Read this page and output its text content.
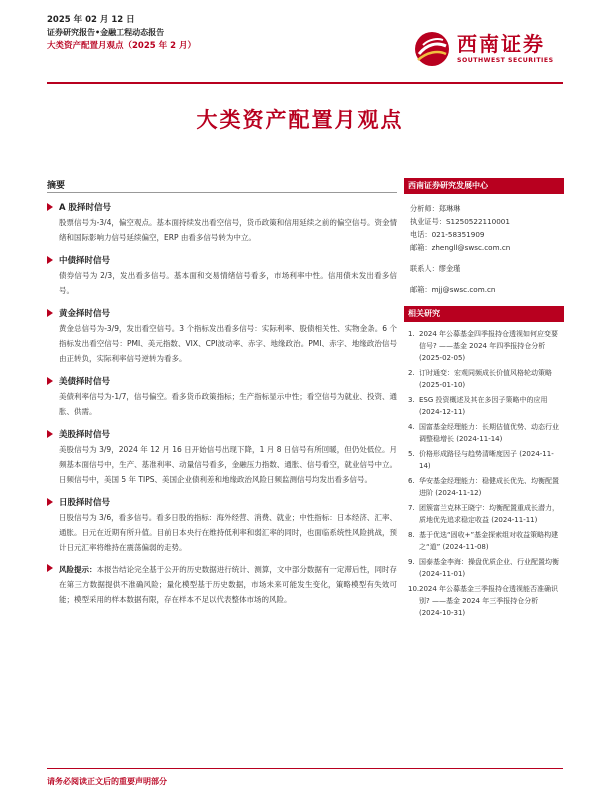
2025 年 02 月 12 日
证券研究报告•金融工程动态报告
大类资产配置月观点（2025 年 2 月）	西南证券
SOUTHWEST SECURITIES
大类资产配置月观点
摘要
A 股择时信号
股票信号为-3/4，偏空观点。基本面持续发出看空信号，货币政策和信用延续之前的偏空信号。资金情绪和国际影响力信号延续偏空，ERP 由看多信号转为中立。
中债择时信号
债券信号为 2/3，发出看多信号。基本面和交易情绪信号看多，市场利率中性。信用债未发出看多信号。
黄金择时信号
黄金总信号为-3/9，发出看空信号。3 个指标发出看多信号：实际利率、股债相关性、实物金条。6 个指标发出看空信号：PMI、美元指数、VIX、CPI波动率、赤字、地缘政治。PMI、赤字、地缘政治信号由正转负，实际利率信号逆转为看多。
美债择时信号
美债利率信号为-1/7，信号偏空。看多货币政策指标；生产指标显示中性；看空信号为就业、投资、通胀、供需。
美股择时信号
美股信号为 3/9，2024 年 12 月 16 日开始信号出现下降，1 月 8 日信号有所回暖，但仍处低位。月频基本面信号中，生产、基准利率、动量信号看多，金融压力指数、通胀、信号看空，就业信号中立。日频信号中，美国 5 年 TIPS、美国企业债利差和地缘政治风险日频监测信号均发出看多信号。
日股择时信号
日股信号为 3/6，看多信号。看多日股的指标：海外经营、消费、就业；中性指标：日本经济、汇率、通胀。日元在近期有所升值。目前日本央行在维持低利率和弱汇率的同时，也面临系统性风险挑战，预计日元汇率将维持在震荡偏弱的走势。
风险提示：本报告结论完全基于公开的历史数据进行统计、测算，文中部分数据有一定滞后性，同时存在第三方数据提供不准确风险；量化模型基于历史数据，市场未来可能发生变化，策略模型有失效可能；模型采用的样本数据有限，存在样本不足以代表整体市场的风险。
西南证券研究发展中心
分析师：郑琳琳
执业证号：S1250522110001
电话：021-58351909
邮箱：zhengll@swsc.com.cn
联系人：缪金瑾
邮箱：mjj@swsc.com.cn
相关研究
1. 2024 年公募基金四季报持仓透视如何应变要信号? ——基金 2024 年四季报持仓分析 (2025-02-05)
2. 订时通变：宏观同频成长价值风格轮动策略 (2025-01-10)
3. ESG 投资概述及其在多因子策略中的应用 (2024-12-11)
4. 国富基金经理能力：长期估值优势、动态行业调整稳增长 (2024-11-14)
5. 价格形成路径与趋势清晰度因子 (2024-11-14)
6. 华安基金经理能力：稳健成长优先、均衡配置进阶 (2024-11-12)
7. 团簇富兰克林王晓宁：均衡配置重成长潜力，质地优先追求稳定收益 (2024-11-11)
8. 基于优选“固收+”基金探索组对收益策略构建之“道” (2024-11-08)
9. 国泰基金李海：操盘优质企业、行业配置均衡 (2024-11-01)
10. 2024 年公募基金三季报持仓透视能否准确识别? ——基金 2024 年三季报持仓分析 (2024-10-31)
请务必阅读正文后的重要声明部分
